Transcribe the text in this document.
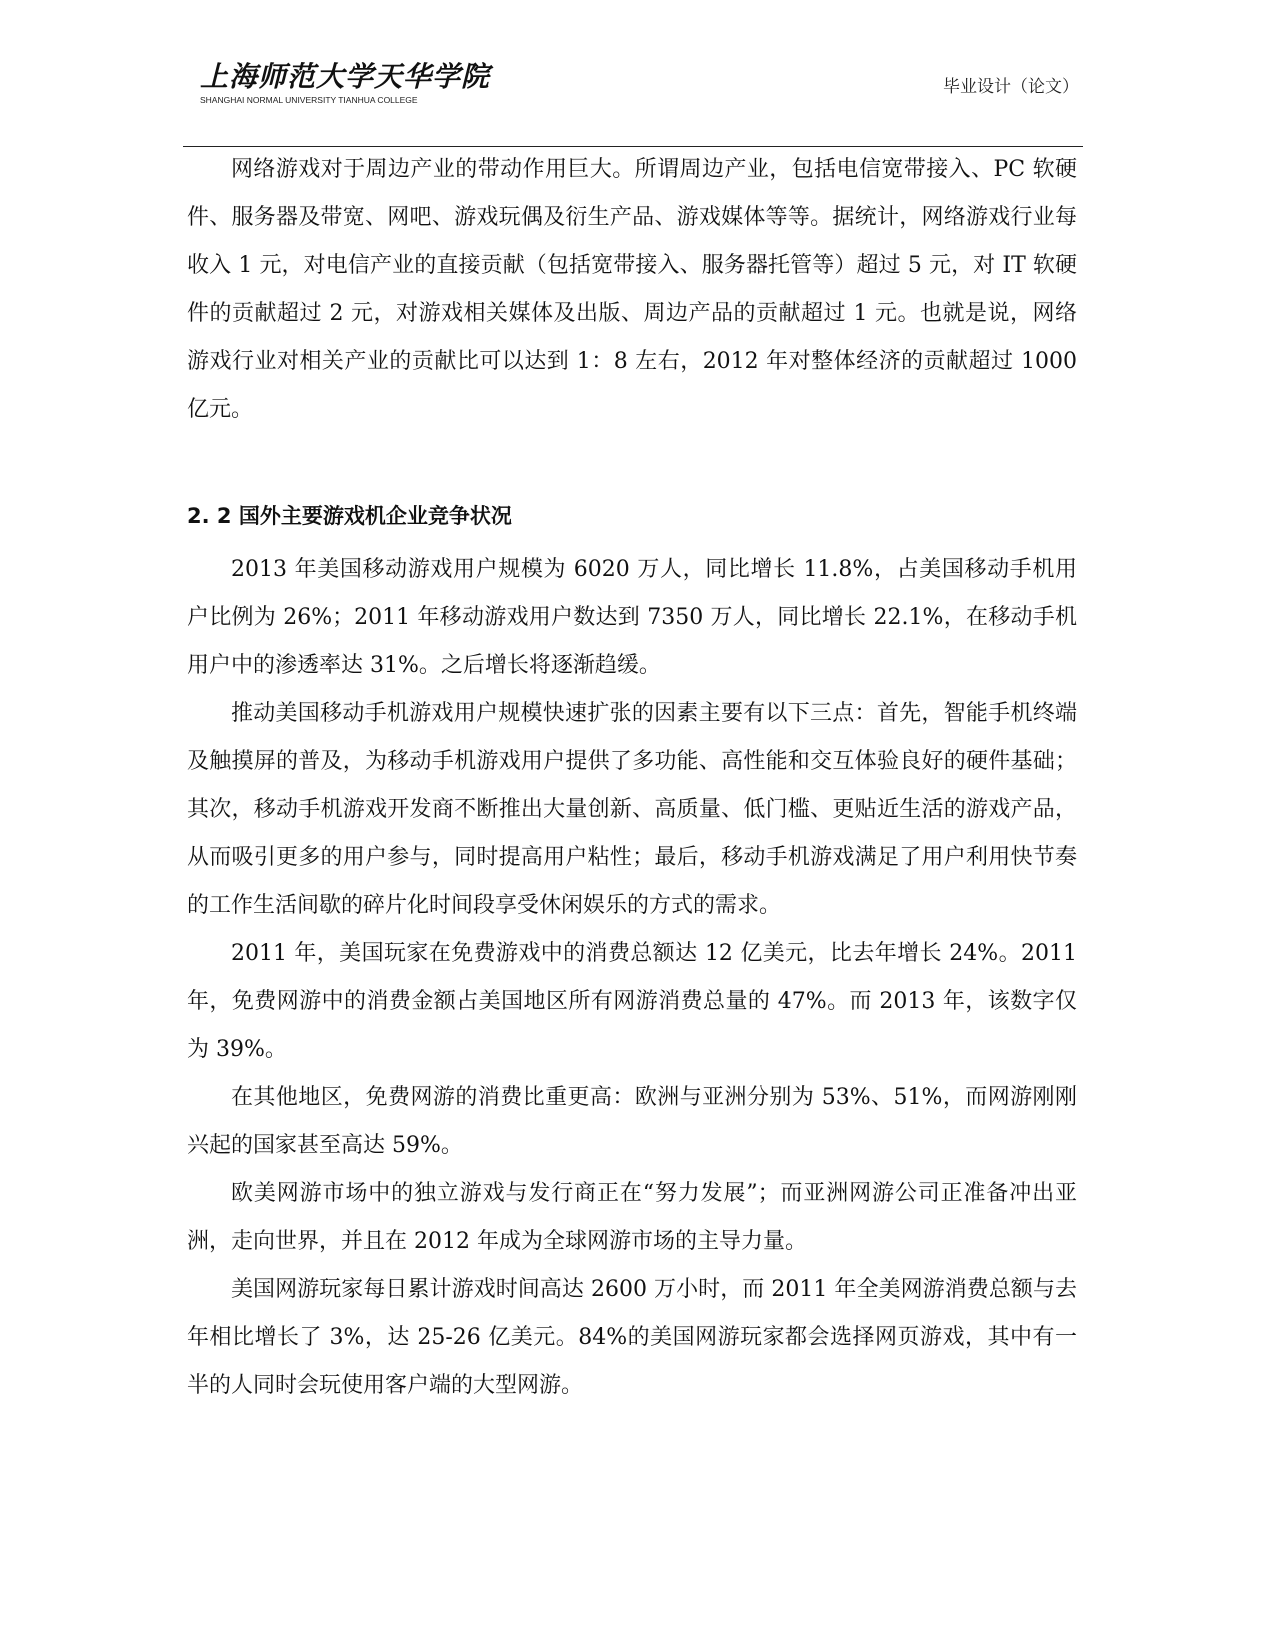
上海师范大学天华学院
SHANGHAI NORMAL UNIVERSITY TIANHUA COLLEGE
毕业设计（论文）

网络游戏对于周边产业的带动作用巨大。所谓周边产业，包括电信宽带接入、PC 软硬件、服务器及带宽、网吧、游戏玩偶及衍生产品、游戏媒体等等。据统计，网络游戏行业每收入 1 元，对电信产业的直接贡献（包括宽带接入、服务器托管等）超过 5 元，对 IT 软硬件的贡献超过 2 元，对游戏相关媒体及出版、周边产品的贡献超过 1 元。也就是说，网络游戏行业对相关产业的贡献比可以达到 1：8 左右，2012 年对整体经济的贡献超过 1000 亿元。

2. 2 国外主要游戏机企业竞争状况

2013 年美国移动游戏用户规模为 6020 万人，同比增长 11.8%，占美国移动手机用户比例为 26%；2011 年移动游戏用户数达到 7350 万人，同比增长 22.1%，在移动手机用户中的渗透率达 31%。之后增长将逐渐趋缓。

推动美国移动手机游戏用户规模快速扩张的因素主要有以下三点：首先，智能手机终端及触摸屏的普及，为移动手机游戏用户提供了多功能、高性能和交互体验良好的硬件基础；其次，移动手机游戏开发商不断推出大量创新、高质量、低门槛、更贴近生活的游戏产品，从而吸引更多的用户参与，同时提高用户粘性；最后，移动手机游戏满足了用户利用快节奏的工作生活间歇的碎片化时间段享受休闲娱乐的方式的需求。

2011 年，美国玩家在免费游戏中的消费总额达 12 亿美元，比去年增长 24%。2011 年，免费网游中的消费金额占美国地区所有网游消费总量的 47%。而 2013 年，该数字仅为 39%。

在其他地区，免费网游的消费比重更高：欧洲与亚洲分别为 53%、51%，而网游刚刚兴起的国家甚至高达 59%。

欧美网游市场中的独立游戏与发行商正在“努力发展”；而亚洲网游公司正准备冲出亚洲，走向世界，并且在 2012 年成为全球网游市场的主导力量。

美国网游玩家每日累计游戏时间高达 2600 万小时，而 2011 年全美网游消费总额与去年相比增长了 3%，达 25-26 亿美元。84%的美国网游玩家都会选择网页游戏，其中有一半的人同时会玩使用客户端的大型网游。
